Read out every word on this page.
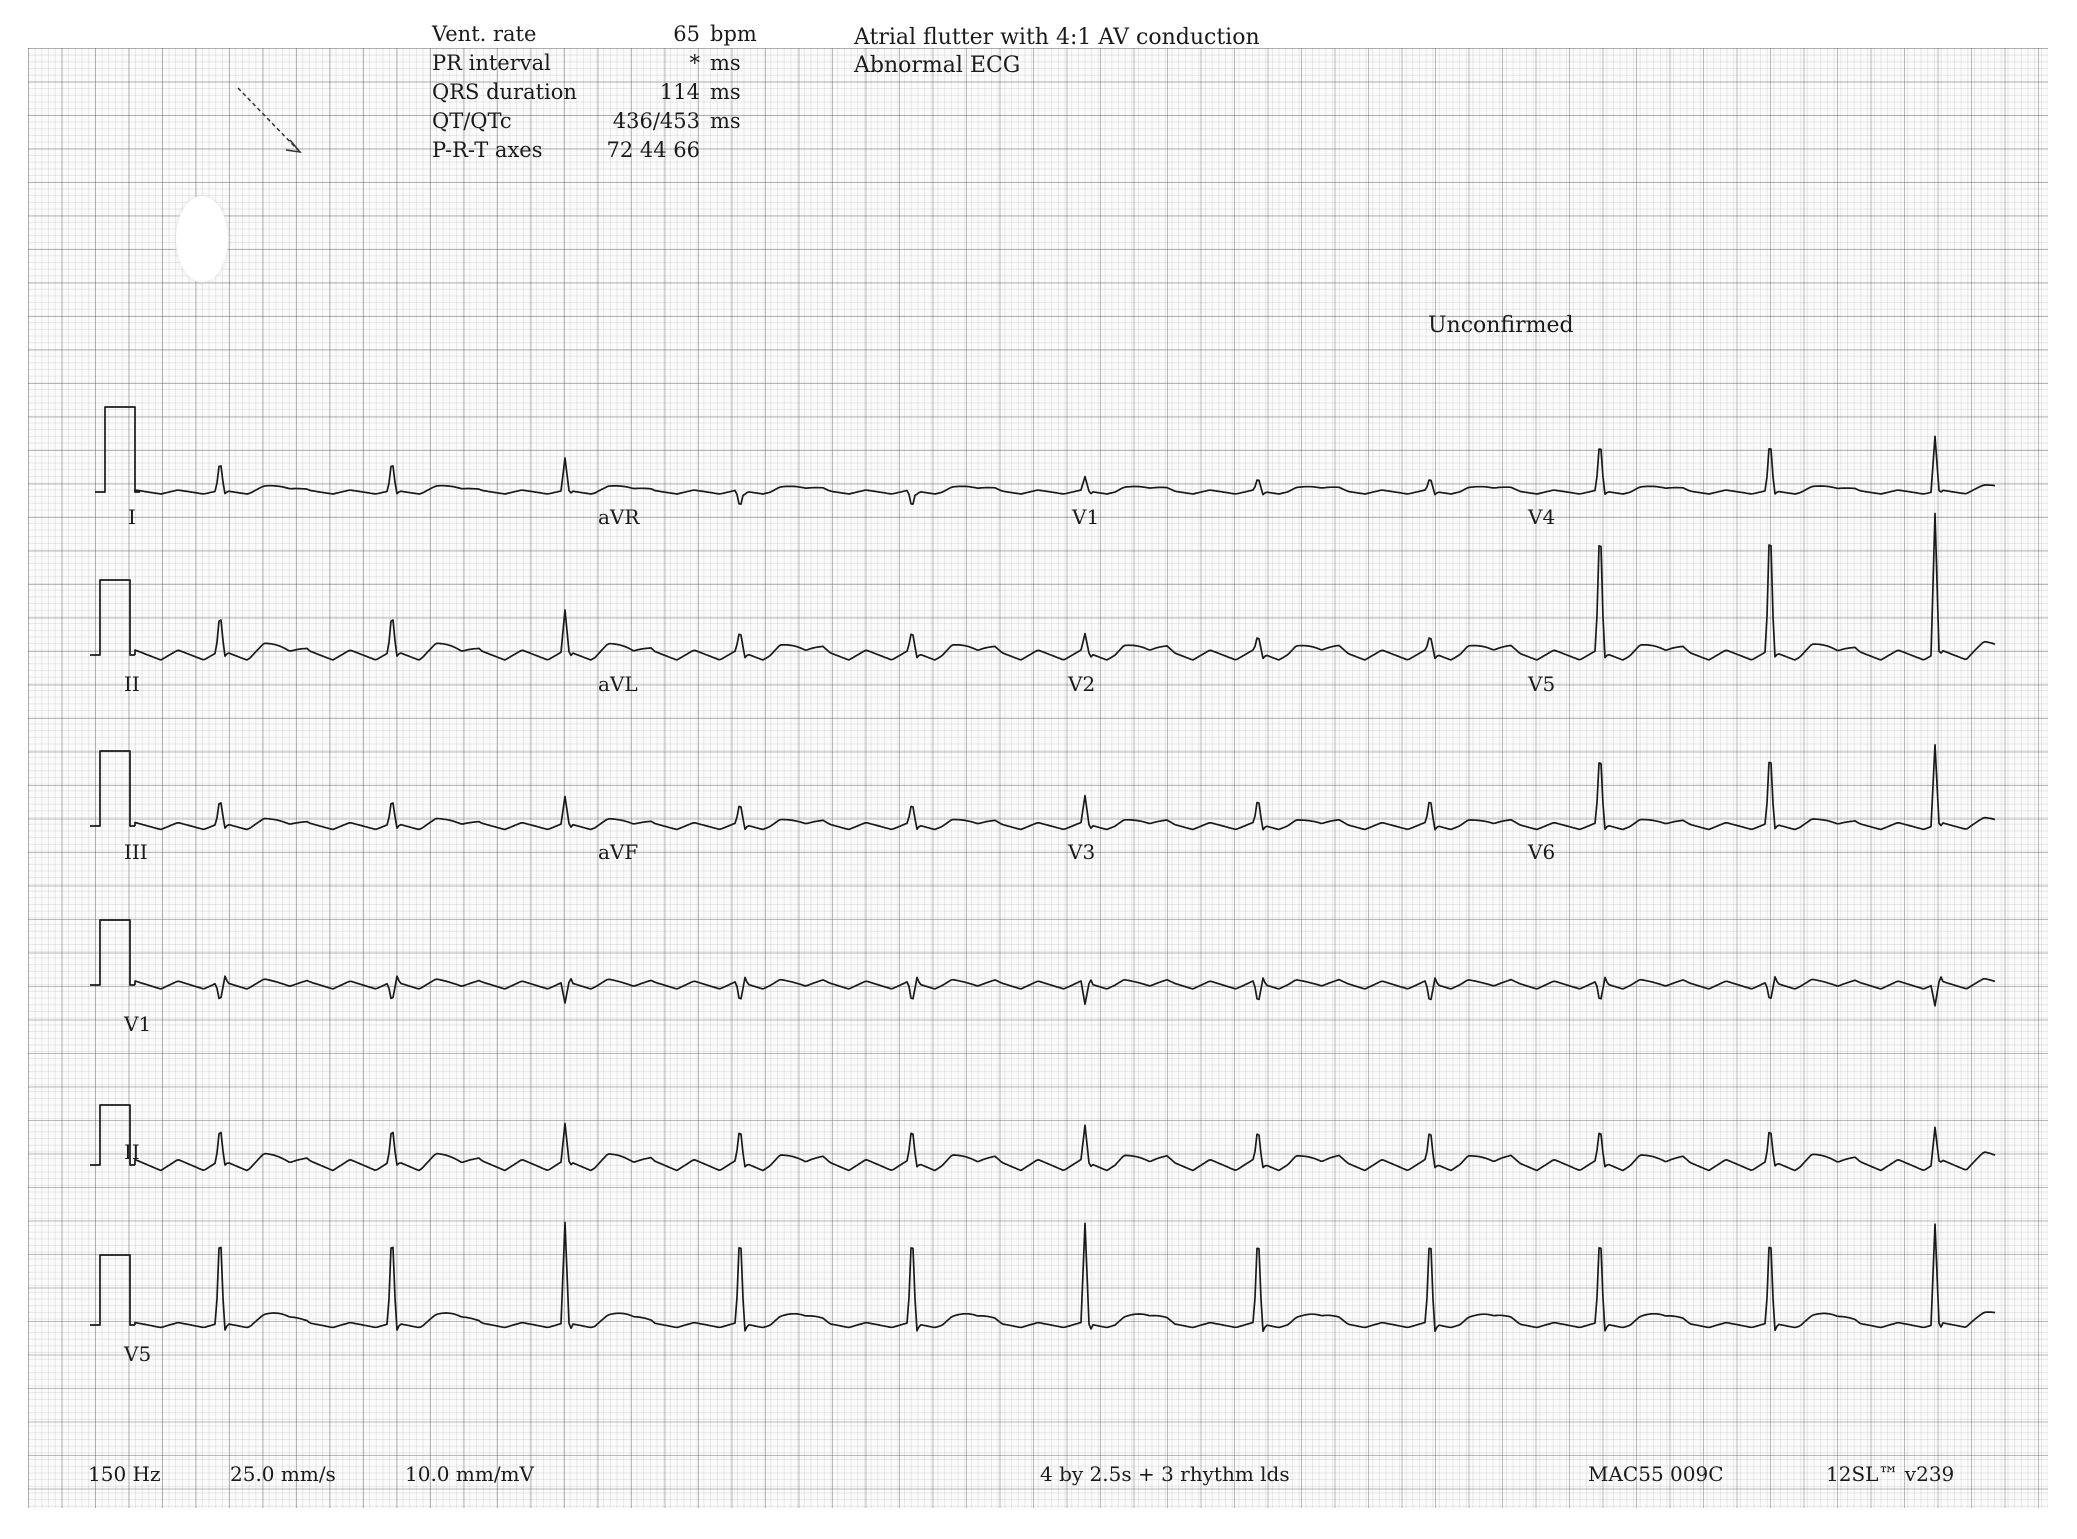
Vent. rate	65 bpm
PR interval	* ms
QRS duration	114 ms
QT/QTc	436/453 ms
P-R-T axes	72 44 66
Atrial flutter with 4:1 AV conduction
Abnormal ECG
Unconfirmed
I	aVR	V1	V4
II	aVL	V2	V5
III	aVF	V3	V6
V1
II
V5
150 Hz	25.0 mm/s	10.0 mm/mV	4 by 2.5s + 3 rhythm lds	MAC55 009C	12SL™ v239
